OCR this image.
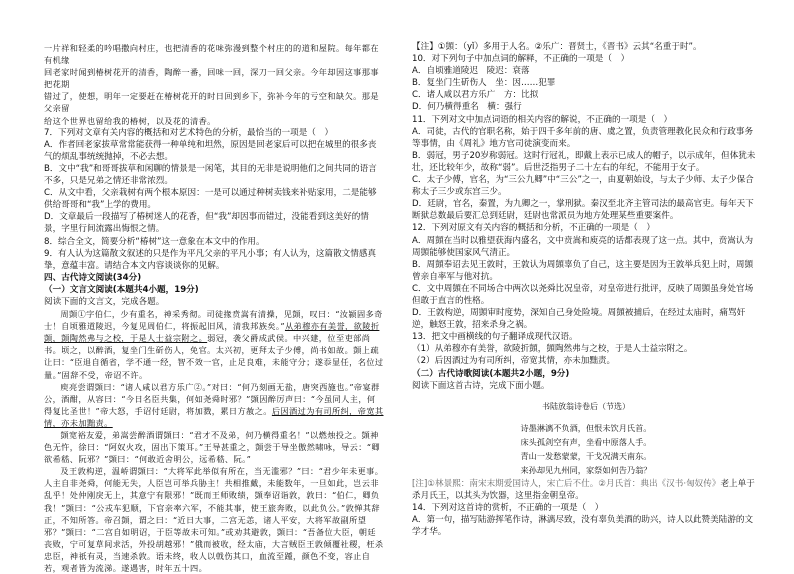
一片祥和轻柔的吟唱撒向村庄，也把清香的花味弥漫到整个村庄的的道和屋院。每年都在有机缘

回老家时闻到椿树花开的清香，陶醉一番，回味一回，深刀一回父亲。今年却因这事那事把花期

错过了，使想，明年一定要赶在椿树花开的时日回到乡下，弥补今年的亏空和缺欠。那是父亲留

给这个世界也留给我的椿树，以及花的清香。

7．下列对文章有关内容的概括和对艺术特色的分析，最恰当的一项是（　）

A．作者回老家拔草常常能获得一种单纯和坦然，原因是回老家后可以把在城里的很多丧气的烦乱事统统抛掉，不必去想。

B．文中“我”和哥哥拔草和闲聊的情景是一闲笔，其目的无非是说明他们之间共同的语言不多，只是兄弟之情还非常浓烈。

C．从文中看，父亲栽树有两个根本原因：一是可以通过种树卖钱来补贴家用，二是能够供给哥哥和“我”上学的费用。

D．文章最后一段描写了椿树迷人的花香，但“我”却因事而错过，没能看到这美好的情景，字里行间流露出悔恨之情。

8．综合全文，简要分析“椿树”这一意象在本文中的作用。

9．有人认为这篇散文叙述的只是作为平凡父亲的平凡小事；有人认为，这篇散文情感真挚，意蕴丰富。请结合本文内容谈谈你的见解。

四、古代诗文阅读(34分)

（一）文言文阅读(本题共4小题，19分)

阅读下面的文言文，完成各题。

周顗①字伯仁，少有重名，神采秀彻。司徒掾贲嵩有清操，见顗，叹曰：“汝颍固多奇士！自顷雅道陵迟，今复见周伯仁，将振起旧风，清我邦族矣。”从弟穆亦有美誉，欲陵折顗，顗陶然弗与之校，于是人士益宗附之。弱冠，袭父爵成武侯。中兴建，位至吏部尚书。顷之，以醉酒，复坐门生斫伤人，免官。太兴初，更拜太子少傅，尚书如故。顗上疏让曰：“臣退自循省，学不通一经，智不效一官，止足良难，未能守分；遂忝显任，名位过量。”固辞不受，帝诏不许。

庾亮尝谓顗曰：“诸人咸以君方乐广②。”对曰：“何乃刻画无盐，唐突西施也。”帝宴群公，酒酣，从容曰：“今日名臣共集，何如尧舜时邪？”顗因醉厉声曰：“今虽同人主，何得复比圣世！”帝大怒，手诏付廷尉，将加戮，累日方赦之。后因酒过为有司所纠，帝宽其情，亦未加黜责。

顗宽裕友爱，弟嵩尝醉酒谓顗曰：“君才不及弟，何乃横得重名！”以燃烛投之。顗神色无忤，徐曰：“阿奴火攻，固出下策耳。”王导甚重之，顗尝于导坐傲然啸咏，导云：“卿欲希嵇、阮邪？”顗曰：“何敢近舍明公，远希嵇、阮。”

及王敦构逆，温峤谓顗曰：“大将军此举似有所在，当无滥邪？”曰：“君少年未更事。人主自非尧舜，何能无失，人臣岂可举兵胁主！共相推戴，未能数年，一旦如此，岂云非乱乎！处仲刚戾无上，其意宁有限邪！”既而王师败绩，顗奉诏诣敦，敦曰：“伯仁，卿负我！”顗曰：“公戎车犯顺，下官亲率六军，不能其事，使王旅奔败，以此负公。”敦惮其辞正，不知所答。帝召顗，谓之曰：“近日大事，二宫无恙，诸人平安，大将军故副所望邪？”顗曰：“二宫自如明诏，于臣等故未可知。”或劝其避敦，顗曰：“吾备位大臣，朝廷丧败，宁可复草间求活，外投胡越邪！”俄而被收，经太庙，大言贼臣王敦倾覆社稷，枉杀忠臣，神祇有灵，当速杀敦。语未终，收人以戟伤其口，血流至踵，颜色不变，容止自若，观者皆为流涕。遂遇害，时年五十四。

【注】①顗：（yǐ）多用于人名。②乐广：晋贤士，《晋书》云其“名重于时”。

10．对下列句子中加点词的解释，不正确的一项是（　）

A．自顷雅道陵迟　陵迟：衰落

B．复坐门生斫伤人　坐：因……犯罪

C．诸人咸以君方乐广　方：比拟

D．何乃横得重名　横：强行

11．下列对文中加点词语的相关内容的解说，不正确的一项是（　）

A．司徒，古代的官职名称，始于四千多年前的唐、虞之置，负责管理教化民众和行政事务等事情，由《周礼》地方官司徒演变而来。

B．弱冠，男子20岁称弱冠。这时行冠礼，即戴上表示已成人的帽子，以示成年，但体犹未壮，还比较年少，故称“弱”。后世泛指男子二十左右的年纪，不能用于女子。

C．太子少傅，官名，为“三公九卿”中“三公”之一，由夏朝始设，与太子少师、太子少保合称太子三少或东宫三少。

D．廷尉，官名，秦置，为九卿之一，掌刑狱。秦汉至北齐主管司法的最高官吏。每年天下断狱总数最后要汇总到廷尉，廷尉也常派员为地方处理某些重要案件。

12．下列对原文有关内容的概括和分析，不正确的一项是（　）

A．周顗在当时以雅望获海内盛名，文中贲嵩和庾亮的话都表现了这一点。其中，贲嵩认为周顗能够使国家风气清正。

B．周顗奉诏去见王敦时，王敦认为周顗辜负了自己，这主要是因为王敦举兵犯上时，周顗曾亲自率军与他对抗。

C．文中周顗在不同场合中两次以尧舜比况皇帝，对皇帝进行批评，反映了周顗虽身处官场但敢于直言的性格。

D．王敦构逆，周顗审时度势，深知自己身处险境。周顗被捕后，在经过太庙时，痛骂奸逆，触怒王敦，招来杀身之祸。

13．把文中画横线的句子翻译成现代汉语。

（1）从弟穆亦有美誉，欲陵折顗，顗陶然弗与之校，于是人士益宗附之。

（2）后因酒过为有司所纠，帝宽其情，亦未加黜责。

（二）古代诗歌阅读(本题共2小题，9分)

阅读下面这首古诗，完成下面小题。

书陆放翁诗卷后（节选）

诗墨淋漓不负酒，但恨未饮月氏首。

床头孤剑空有声，坐看中原落人手。

青山一发愁蒙蒙，干戈况满天南东。

来孙却见九州同，家祭如何告乃翁？

[注]①林景熙：南宋末期爱国诗人，宋亡后不仕。②月氏首：典出《汉书·匈奴传》老上单于杀月氏王，以其头为饮器，这里指金朝皇帝。

14．下列对这首诗的赏析，不正确的一项是（　）

A．第一句，描写陆游挥笔作诗，淋漓尽致，没有辜负美酒的助兴，诗人以此赞美陆游的文学才华。
